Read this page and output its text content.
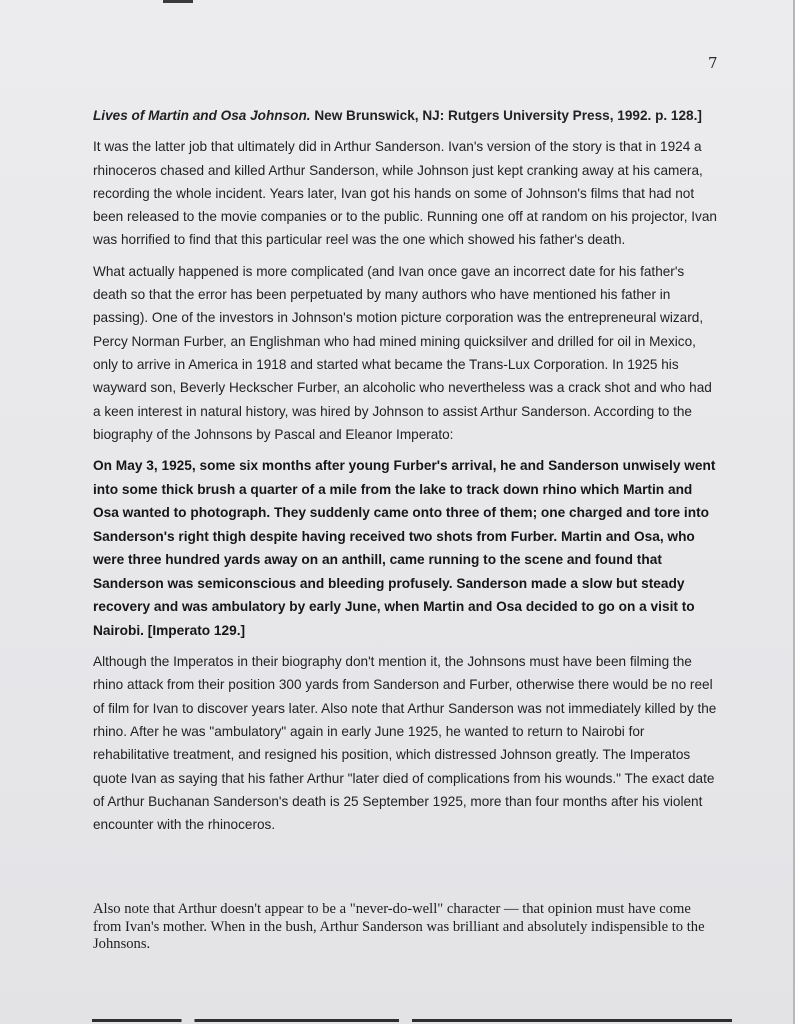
7

Lives of Martin and Osa Johnson. New Brunswick, NJ: Rutgers University Press, 1992. p. 128.]

It was the latter job that ultimately did in Arthur Sanderson. Ivan's version of the story is that in 1924 a rhinoceros chased and killed Arthur Sanderson, while Johnson just kept cranking away at his camera, recording the whole incident. Years later, Ivan got his hands on some of Johnson's films that had not been released to the movie companies or to the public. Running one off at random on his projector, Ivan was horrified to find that this particular reel was the one which showed his father's death.

What actually happened is more complicated (and Ivan once gave an incorrect date for his father's death so that the error has been perpetuated by many authors who have mentioned his father in passing). One of the investors in Johnson's motion picture corporation was the entrepreneural wizard, Percy Norman Furber, an Englishman who had mined mining quicksilver and drilled for oil in Mexico, only to arrive in America in 1918 and started what became the Trans-Lux Corporation. In 1925 his wayward son, Beverly Heckscher Furber, an alcoholic who nevertheless was a crack shot and who had a keen interest in natural history, was hired by Johnson to assist Arthur Sanderson. According to the biography of the Johnsons by Pascal and Eleanor Imperato:

On May 3, 1925, some six months after young Furber's arrival, he and Sanderson unwisely went into some thick brush a quarter of a mile from the lake to track down rhino which Martin and Osa wanted to photograph. They suddenly came onto three of them; one charged and tore into Sanderson's right thigh despite having received two shots from Furber. Martin and Osa, who were three hundred yards away on an anthill, came running to the scene and found that Sanderson was semiconscious and bleeding profusely. Sanderson made a slow but steady recovery and was ambulatory by early June, when Martin and Osa decided to go on a visit to Nairobi. [Imperato 129.]

Although the Imperatos in their biography don't mention it, the Johnsons must have been filming the rhino attack from their position 300 yards from Sanderson and Furber, otherwise there would be no reel of film for Ivan to discover years later. Also note that Arthur Sanderson was not immediately killed by the rhino. After he was "ambulatory" again in early June 1925, he wanted to return to Nairobi for rehabilitative treatment, and resigned his position, which distressed Johnson greatly. The Imperatos quote Ivan as saying that his father Arthur "later died of complications from his wounds." The exact date of Arthur Buchanan Sanderson's death is 25 September 1925, more than four months after his violent encounter with the rhinoceros.

Also note that Arthur doesn't appear to be a "never-do-well" character — that opinion must have come from Ivan's mother. When in the bush, Arthur Sanderson was brilliant and absolutely indispensible to the Johnsons.
